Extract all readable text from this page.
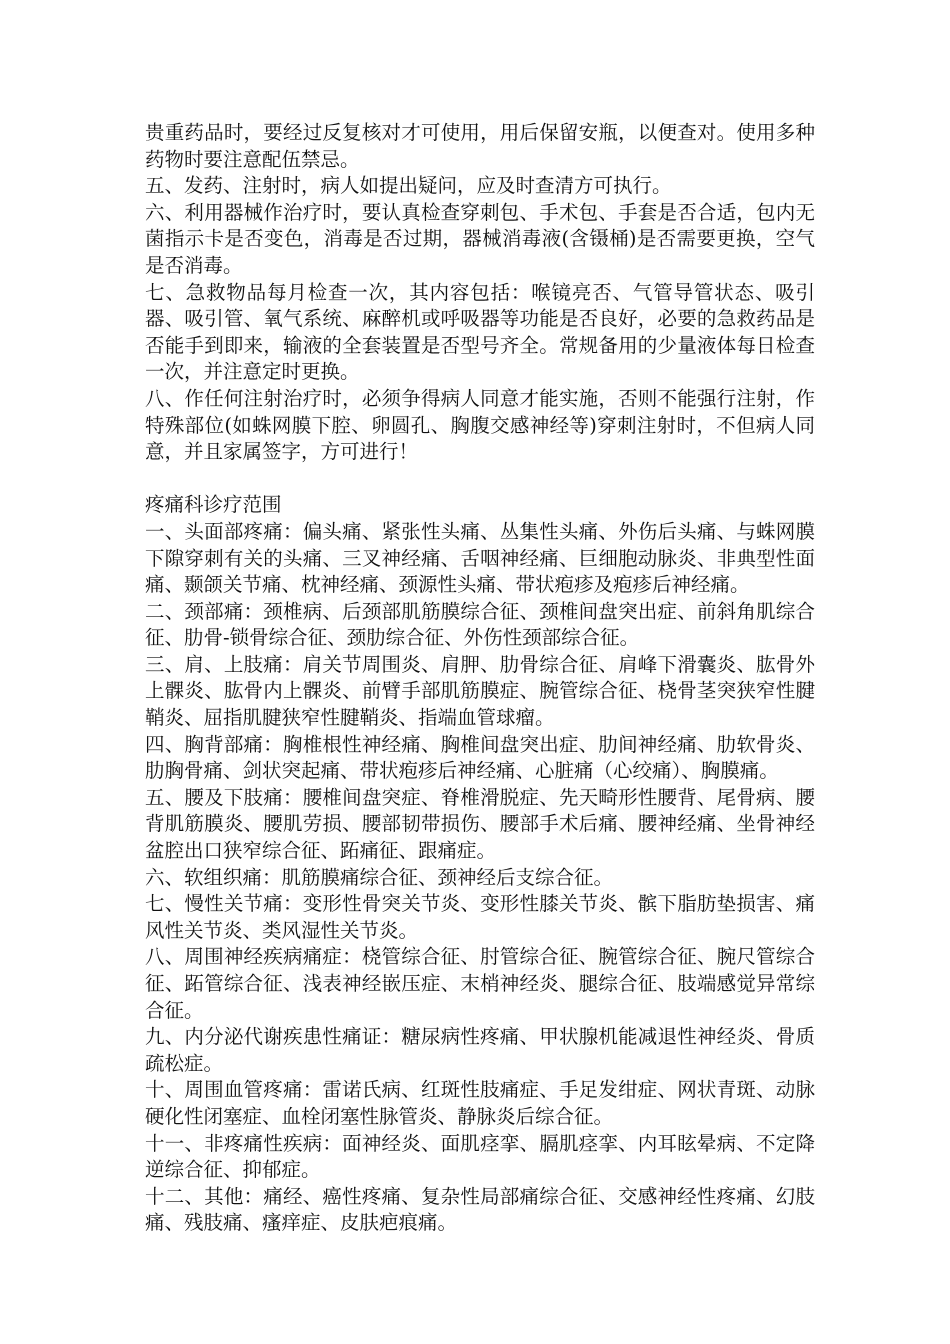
贵重药品时，要经过反复核对才可使用，用后保留安瓶，以便查对。使用多种药物时要注意配伍禁忌。

五、发药、注射时，病人如提出疑问，应及时查清方可执行。

六、利用器械作治疗时，要认真检查穿刺包、手术包、手套是否合适，包内无菌指示卡是否变色，消毒是否过期，器械消毒液(含镊桶)是否需要更换，空气是否消毒。

七、急救物品每月检查一次，其内容包括：喉镜亮否、气管导管状态、吸引器、吸引管、氧气系统、麻醉机或呼吸器等功能是否良好，必要的急救药品是否能手到即来，输液的全套装置是否型号齐全。常规备用的少量液体每日检查一次，并注意定时更换。

八、作任何注射治疗时，必须争得病人同意才能实施，否则不能强行注射，作特殊部位(如蛛网膜下腔、卵圆孔、胸腹交感神经等)穿刺注射时，不但病人同意，并且家属签字，方可进行！

疼痛科诊疗范围

一、头面部疼痛：偏头痛、紧张性头痛、丛集性头痛、外伤后头痛、与蛛网膜下隙穿刺有关的头痛、三叉神经痛、舌咽神经痛、巨细胞动脉炎、非典型性面痛、颞颌关节痛、枕神经痛、颈源性头痛、带状疱疹及疱疹后神经痛。

二、颈部痛：颈椎病、后颈部肌筋膜综合征、颈椎间盘突出症、前斜角肌综合征、肋骨-锁骨综合征、颈肋综合征、外伤性颈部综合征。

三、肩、上肢痛：肩关节周围炎、肩胛、肋骨综合征、肩峰下滑囊炎、肱骨外上髁炎、肱骨内上髁炎、前臂手部肌筋膜症、腕管综合征、桡骨茎突狭窄性腱鞘炎、屈指肌腱狭窄性腱鞘炎、指端血管球瘤。

四、胸背部痛：胸椎根性神经痛、胸椎间盘突出症、肋间神经痛、肋软骨炎、肋胸骨痛、剑状突起痛、带状疱疹后神经痛、心脏痛（心绞痛）、胸膜痛。

五、腰及下肢痛：腰椎间盘突症、脊椎滑脱症、先天畸形性腰背、尾骨病、腰背肌筋膜炎、腰肌劳损、腰部韧带损伤、腰部手术后痛、腰神经痛、坐骨神经盆腔出口狭窄综合征、跖痛征、跟痛症。

六、软组织痛：肌筋膜痛综合征、颈神经后支综合征。

七、慢性关节痛：变形性骨突关节炎、变形性膝关节炎、髌下脂肪垫损害、痛风性关节炎、类风湿性关节炎。

八、周围神经疾病痛症：桡管综合征、肘管综合征、腕管综合征、腕尺管综合征、跖管综合征、浅表神经嵌压症、末梢神经炎、腿综合征、肢端感觉异常综合征。

九、内分泌代谢疾患性痛证：糖尿病性疼痛、甲状腺机能减退性神经炎、骨质疏松症。

十、周围血管疼痛：雷诺氏病、红斑性肢痛症、手足发绀症、网状青斑、动脉硬化性闭塞症、血栓闭塞性脉管炎、静脉炎后综合征。

十一、非疼痛性疾病：面神经炎、面肌痉挛、膈肌痉挛、内耳眩晕病、不定降逆综合征、抑郁症。

十二、其他：痛经、癌性疼痛、复杂性局部痛综合征、交感神经性疼痛、幻肢痛、残肢痛、瘙痒症、皮肤疤痕痛。
